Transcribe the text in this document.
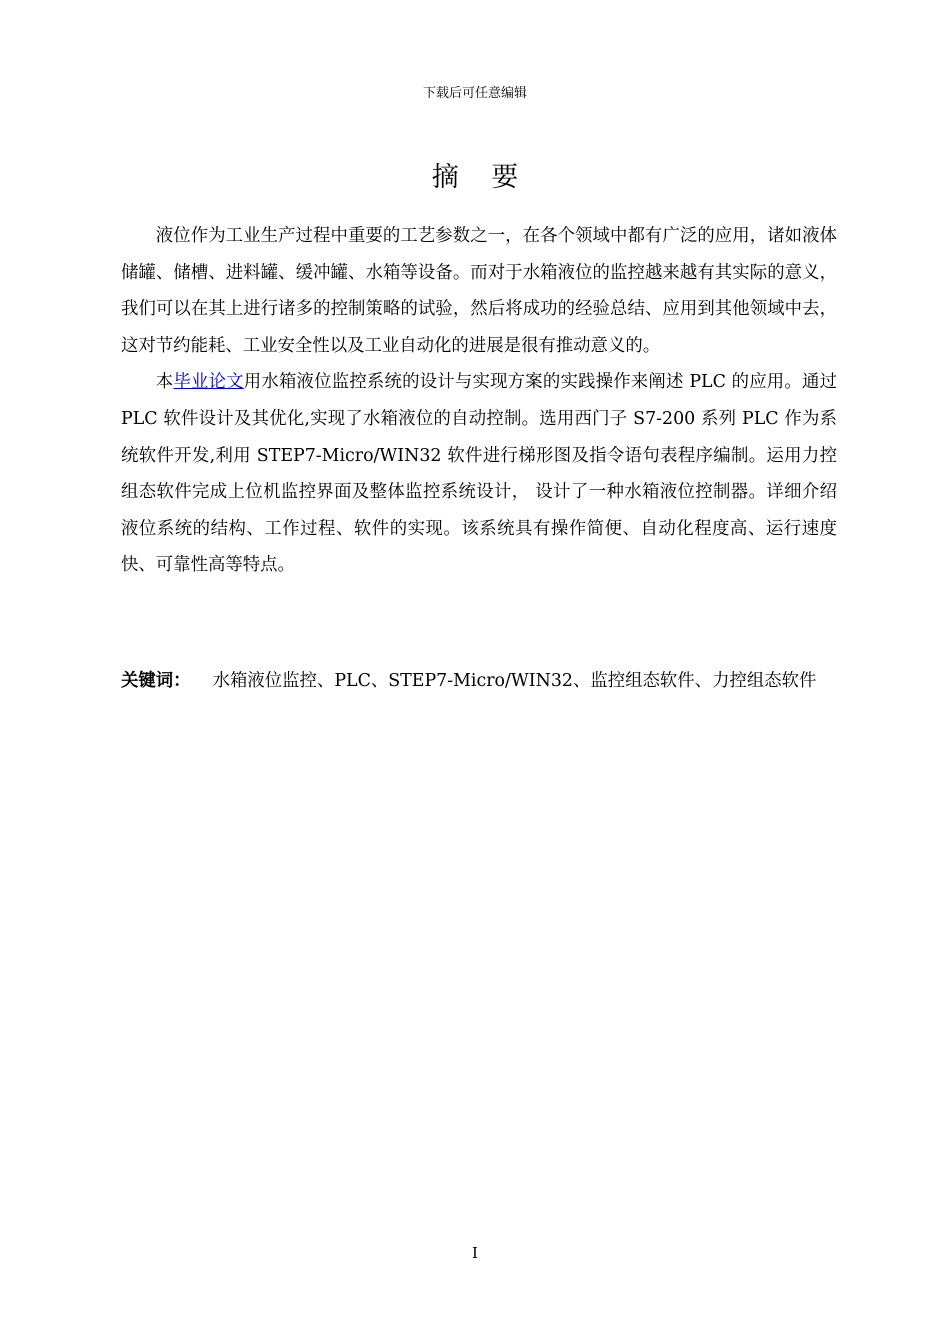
下载后可任意编辑
摘 要

液位作为工业生产过程中重要的工艺参数之一，在各个领域中都有广泛的应用，诸如液体储罐、储槽、进料罐、缓冲罐、水箱等设备。而对于水箱液位的监控越来越有其实际的意义，我们可以在其上进行诸多的控制策略的试验，然后将成功的经验总结、应用到其他领域中去，这对节约能耗、工业安全性以及工业自动化的进展是很有推动意义的。

本毕业论文用水箱液位监控系统的设计与实现方案的实践操作来阐述 PLC 的应用。通过 PLC 软件设计及其优化,实现了水箱液位的自动控制。选用西门子 S7-200 系列 PLC 作为系统软件开发,利用 STEP7-Micro/WIN32 软件进行梯形图及指令语句表程序编制。运用力控组态软件完成上位机监控界面及整体监控系统设计， 设计了一种水箱液位控制器。详细介绍液位系统的结构、工作过程、软件的实现。该系统具有操作简便、自动化程度高、运行速度快、可靠性高等特点。

关键词： 水箱液位监控、PLC、STEP7-Micro/WIN32、监控组态软件、力控组态软件
I
